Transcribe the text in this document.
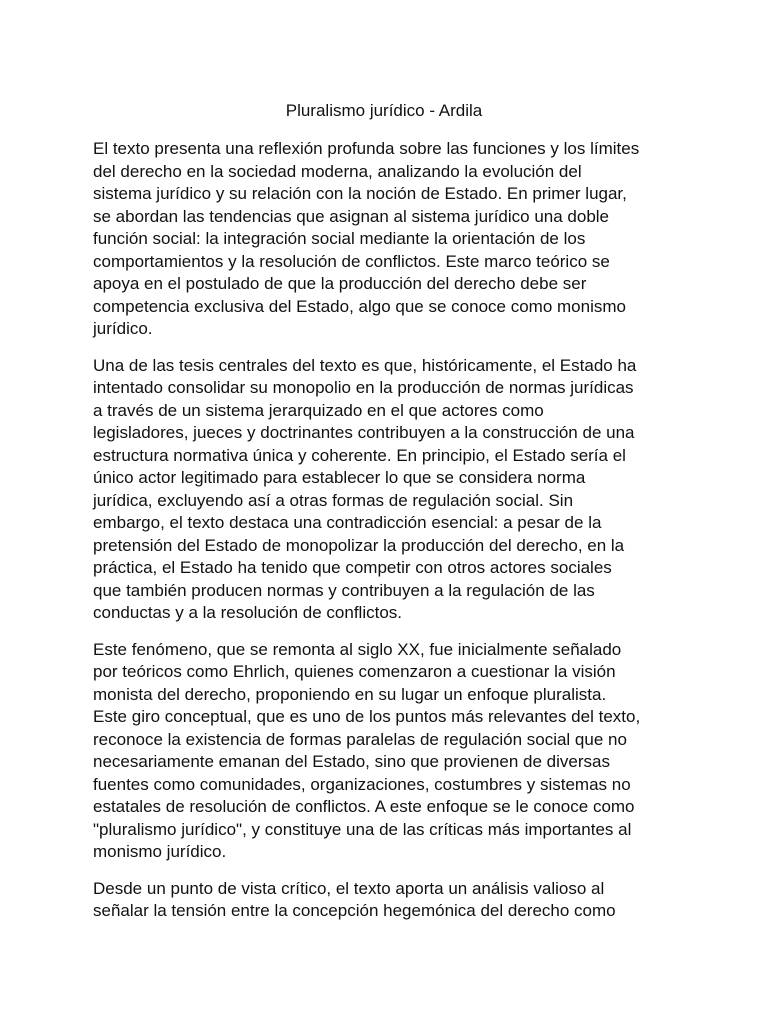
Pluralismo jurídico - Ardila

El texto presenta una reflexión profunda sobre las funciones y los límites
del derecho en la sociedad moderna, analizando la evolución del
sistema jurídico y su relación con la noción de Estado. En primer lugar,
se abordan las tendencias que asignan al sistema jurídico una doble
función social: la integración social mediante la orientación de los
comportamientos y la resolución de conflictos. Este marco teórico se
apoya en el postulado de que la producción del derecho debe ser
competencia exclusiva del Estado, algo que se conoce como monismo
jurídico.

Una de las tesis centrales del texto es que, históricamente, el Estado ha
intentado consolidar su monopolio en la producción de normas jurídicas
a través de un sistema jerarquizado en el que actores como
legisladores, jueces y doctrinantes contribuyen a la construcción de una
estructura normativa única y coherente. En principio, el Estado sería el
único actor legitimado para establecer lo que se considera norma
jurídica, excluyendo así a otras formas de regulación social. Sin
embargo, el texto destaca una contradicción esencial: a pesar de la
pretensión del Estado de monopolizar la producción del derecho, en la
práctica, el Estado ha tenido que competir con otros actores sociales
que también producen normas y contribuyen a la regulación de las
conductas y a la resolución de conflictos.

Este fenómeno, que se remonta al siglo XX, fue inicialmente señalado
por teóricos como Ehrlich, quienes comenzaron a cuestionar la visión
monista del derecho, proponiendo en su lugar un enfoque pluralista.
Este giro conceptual, que es uno de los puntos más relevantes del texto,
reconoce la existencia de formas paralelas de regulación social que no
necesariamente emanan del Estado, sino que provienen de diversas
fuentes como comunidades, organizaciones, costumbres y sistemas no
estatales de resolución de conflictos. A este enfoque se le conoce como
"pluralismo jurídico", y constituye una de las críticas más importantes al
monismo jurídico.

Desde un punto de vista crítico, el texto aporta un análisis valioso al
señalar la tensión entre la concepción hegemónica del derecho como
